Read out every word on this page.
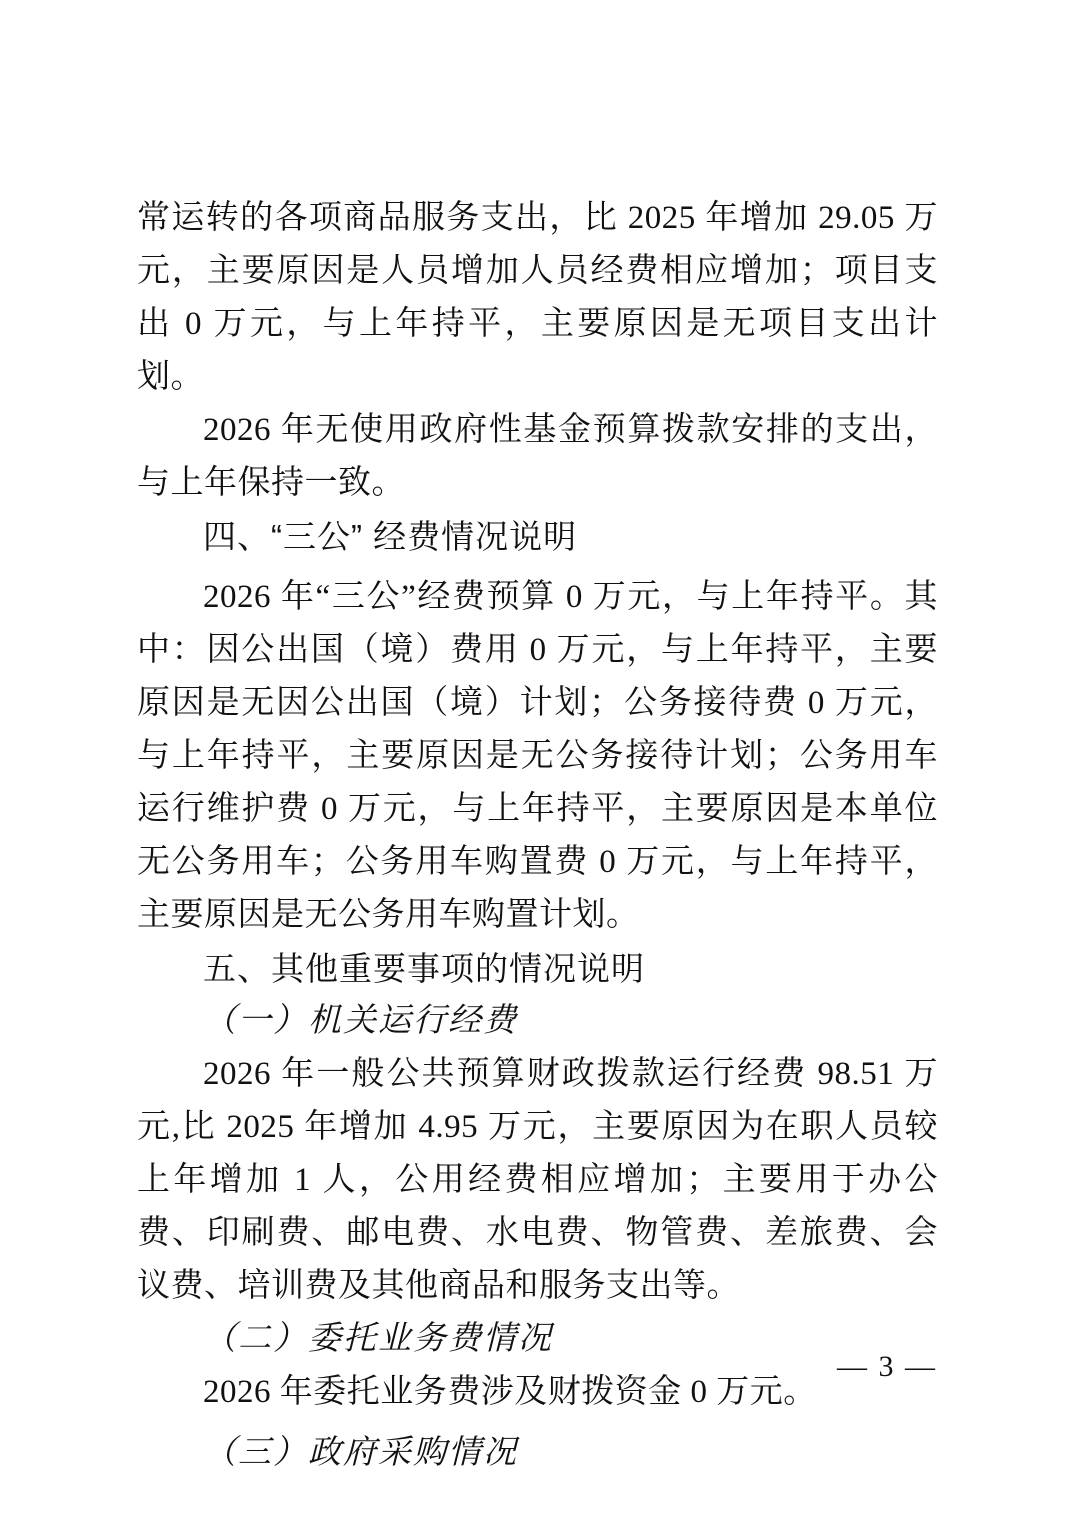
常运转的各项商品服务支出，比 2025 年增加 29.05 万元，主要原因是人员增加人员经费相应增加；项目支出 0 万元，与上年持平，主要原因是无项目支出计划。

2026 年无使用政府性基金预算拨款安排的支出，与上年保持一致。

四、“三公” 经费情况说明

2026 年“三公”经费预算 0 万元，与上年持平。其中：因公出国（境）费用 0 万元，与上年持平，主要原因是无因公出国（境）计划；公务接待费 0 万元，与上年持平，主要原因是无公务接待计划；公务用车运行维护费 0 万元，与上年持平，主要原因是本单位无公务用车；公务用车购置费 0 万元，与上年持平，主要原因是无公务用车购置计划。

五、其他重要事项的情况说明

（一）机关运行经费

2026 年一般公共预算财政拨款运行经费 98.51 万元,比 2025 年增加 4.95 万元，主要原因为在职人员较上年增加 1 人，公用经费相应增加；主要用于办公费、印刷费、邮电费、水电费、物管费、差旅费、会议费、培训费及其他商品和服务支出等。

（二）委托业务费情况

2026 年委托业务费涉及财拨资金 0 万元。

（三）政府采购情况

— 3 —
